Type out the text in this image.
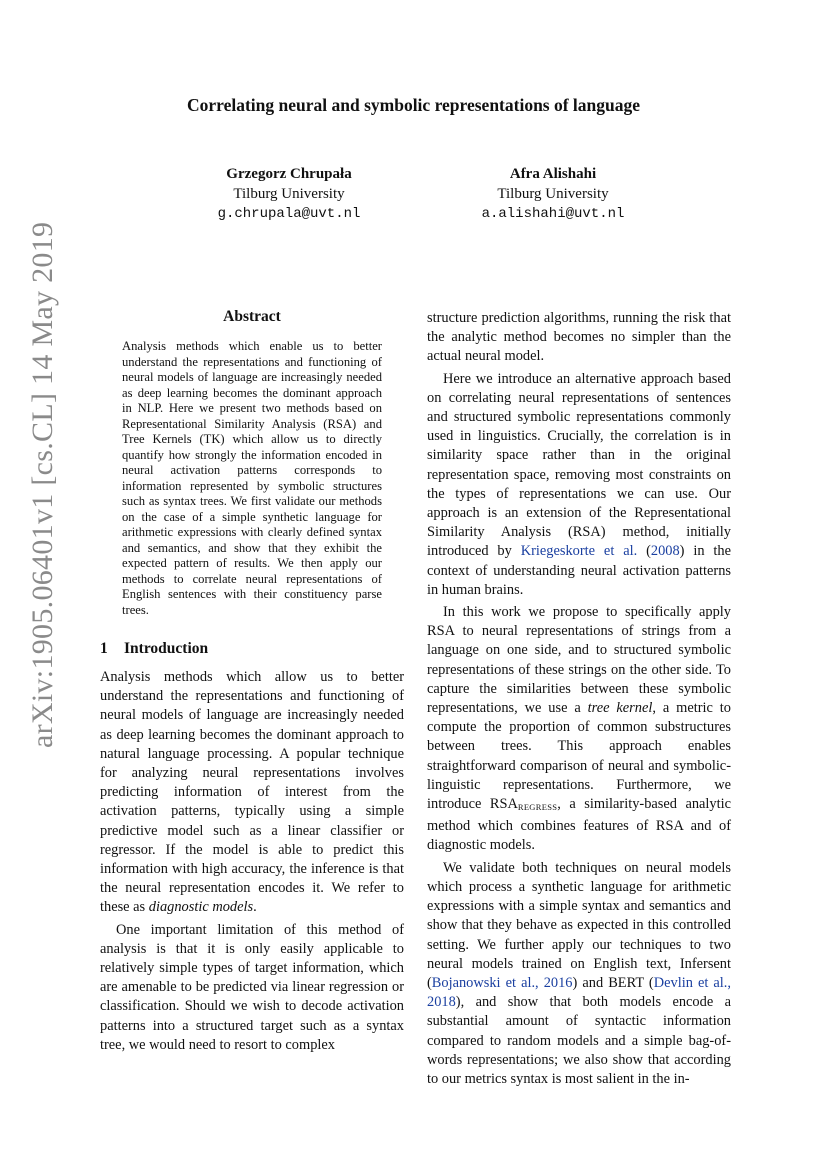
arXiv:1905.06401v1 [cs.CL] 14 May 2019
Correlating neural and symbolic representations of language
Grzegorz Chrupała
Tilburg University
g.chrupala@uvt.nl
Afra Alishahi
Tilburg University
a.alishahi@uvt.nl
Abstract
Analysis methods which enable us to better understand the representations and functioning of neural models of language are increasingly needed as deep learning becomes the dominant approach in NLP. Here we present two methods based on Representational Similarity Analysis (RSA) and Tree Kernels (TK) which allow us to directly quantify how strongly the information encoded in neural activation patterns corresponds to information represented by symbolic structures such as syntax trees. We first validate our methods on the case of a simple synthetic language for arithmetic expressions with clearly defined syntax and semantics, and show that they exhibit the expected pattern of results. We then apply our methods to correlate neural representations of English sentences with their constituency parse trees.
1 Introduction

Analysis methods which allow us to better understand the representations and functioning of neural models of language are increasingly needed as deep learning becomes the dominant approach to natural language processing. A popular technique for analyzing neural representations involves predicting information of interest from the activation patterns, typically using a simple predictive model such as a linear classifier or regressor. If the model is able to predict this information with high accuracy, the inference is that the neural representation encodes it. We refer to these as diagnostic models.

One important limitation of this method of analysis is that it is only easily applicable to relatively simple types of target information, which are amenable to be predicted via linear regression or classification. Should we wish to decode activation patterns into a structured target such as a syntax tree, we would need to resort to complex

structure prediction algorithms, running the risk that the analytic method becomes no simpler than the actual neural model.

Here we introduce an alternative approach based on correlating neural representations of sentences and structured symbolic representations commonly used in linguistics. Crucially, the correlation is in similarity space rather than in the original representation space, removing most constraints on the types of representations we can use. Our approach is an extension of the Representational Similarity Analysis (RSA) method, initially introduced by Kriegeskorte et al. (2008) in the context of understanding neural activation patterns in human brains.

In this work we propose to specifically apply RSA to neural representations of strings from a language on one side, and to structured symbolic representations of these strings on the other side. To capture the similarities between these symbolic representations, we use a tree kernel, a metric to compute the proportion of common substructures between trees. This approach enables straightforward comparison of neural and symbolic-linguistic representations. Furthermore, we introduce $RSA_{REGRESS}$, a similarity-based analytic method which combines features of RSA and of diagnostic models.

We validate both techniques on neural models which process a synthetic language for arithmetic expressions with a simple syntax and semantics and show that they behave as expected in this controlled setting. We further apply our techniques to two neural models trained on English text, Infersent (Bojanowski et al., 2016) and BERT (Devlin et al., 2018), and show that both models encode a substantial amount of syntactic information compared to random models and a simple bag-of-words representations; we also show that according to our metrics syntax is most salient in the in-
